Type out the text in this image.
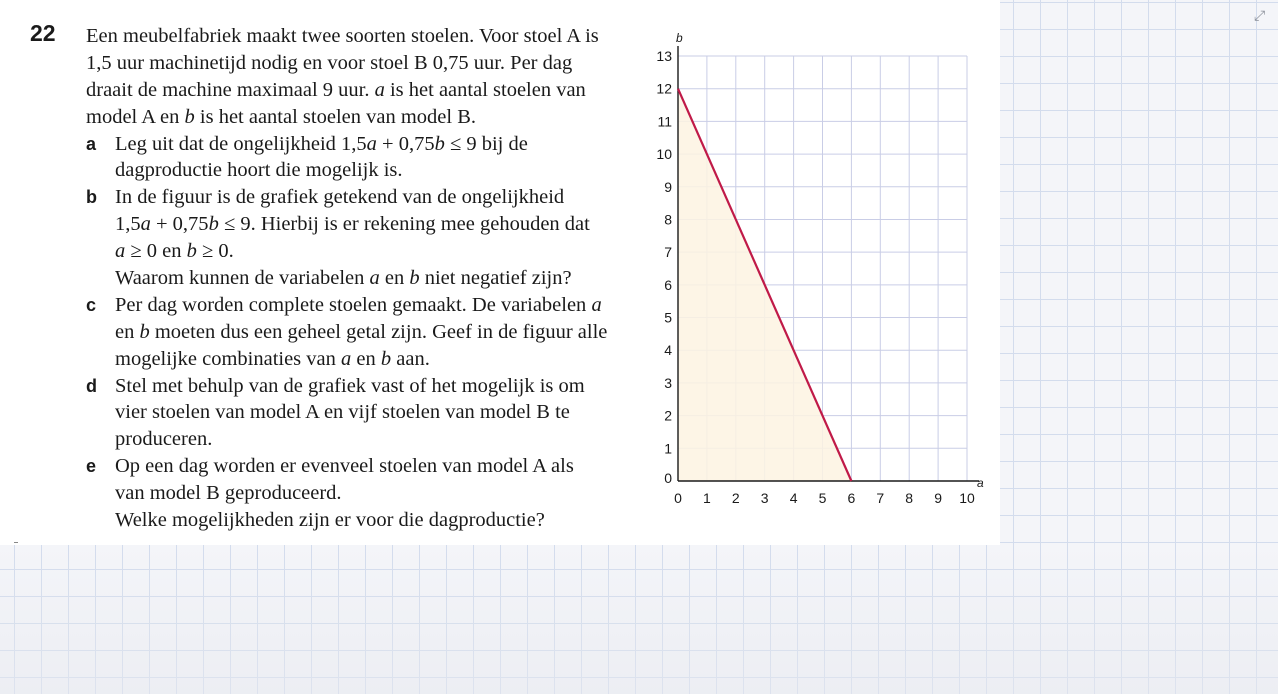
⤢
22 Een meubelfabriek maakt twee soorten stoelen. Voor stoel A is
1,5 uur machinetijd nodig en voor stoel B 0,75 uur. Per dag
draait de machine maximaal 9 uur. a is het aantal stoelen van
model A en b is het aantal stoelen van model B.
a Leg uit dat de ongelijkheid 1,5a + 0,75b ≤ 9 bij de
dagproductie hoort die mogelijk is.
b In de figuur is de grafiek getekend van de ongelijkheid
1,5a + 0,75b ≤ 9. Hierbij is er rekening mee gehouden dat
a ≥ 0 en b ≥ 0.
Waarom kunnen de variabelen a en b niet negatief zijn?
c Per dag worden complete stoelen gemaakt. De variabelen a
en b moeten dus een geheel getal zijn. Geef in de figuur alle
mogelijke combinaties van a en b aan.
d Stel met behulp van de grafiek vast of het mogelijk is om
vier stoelen van model A en vijf stoelen van model B te
produceren.
e Op een dag worden er evenveel stoelen van model A als
van model B geproduceerd.
Welke mogelijkheden zijn er voor die dagproductie?
0 1 2 3 4 5 6 7 8 9 10
0
1
2
3
4
5
6
7
8
9
10
11
12
13
a
b
